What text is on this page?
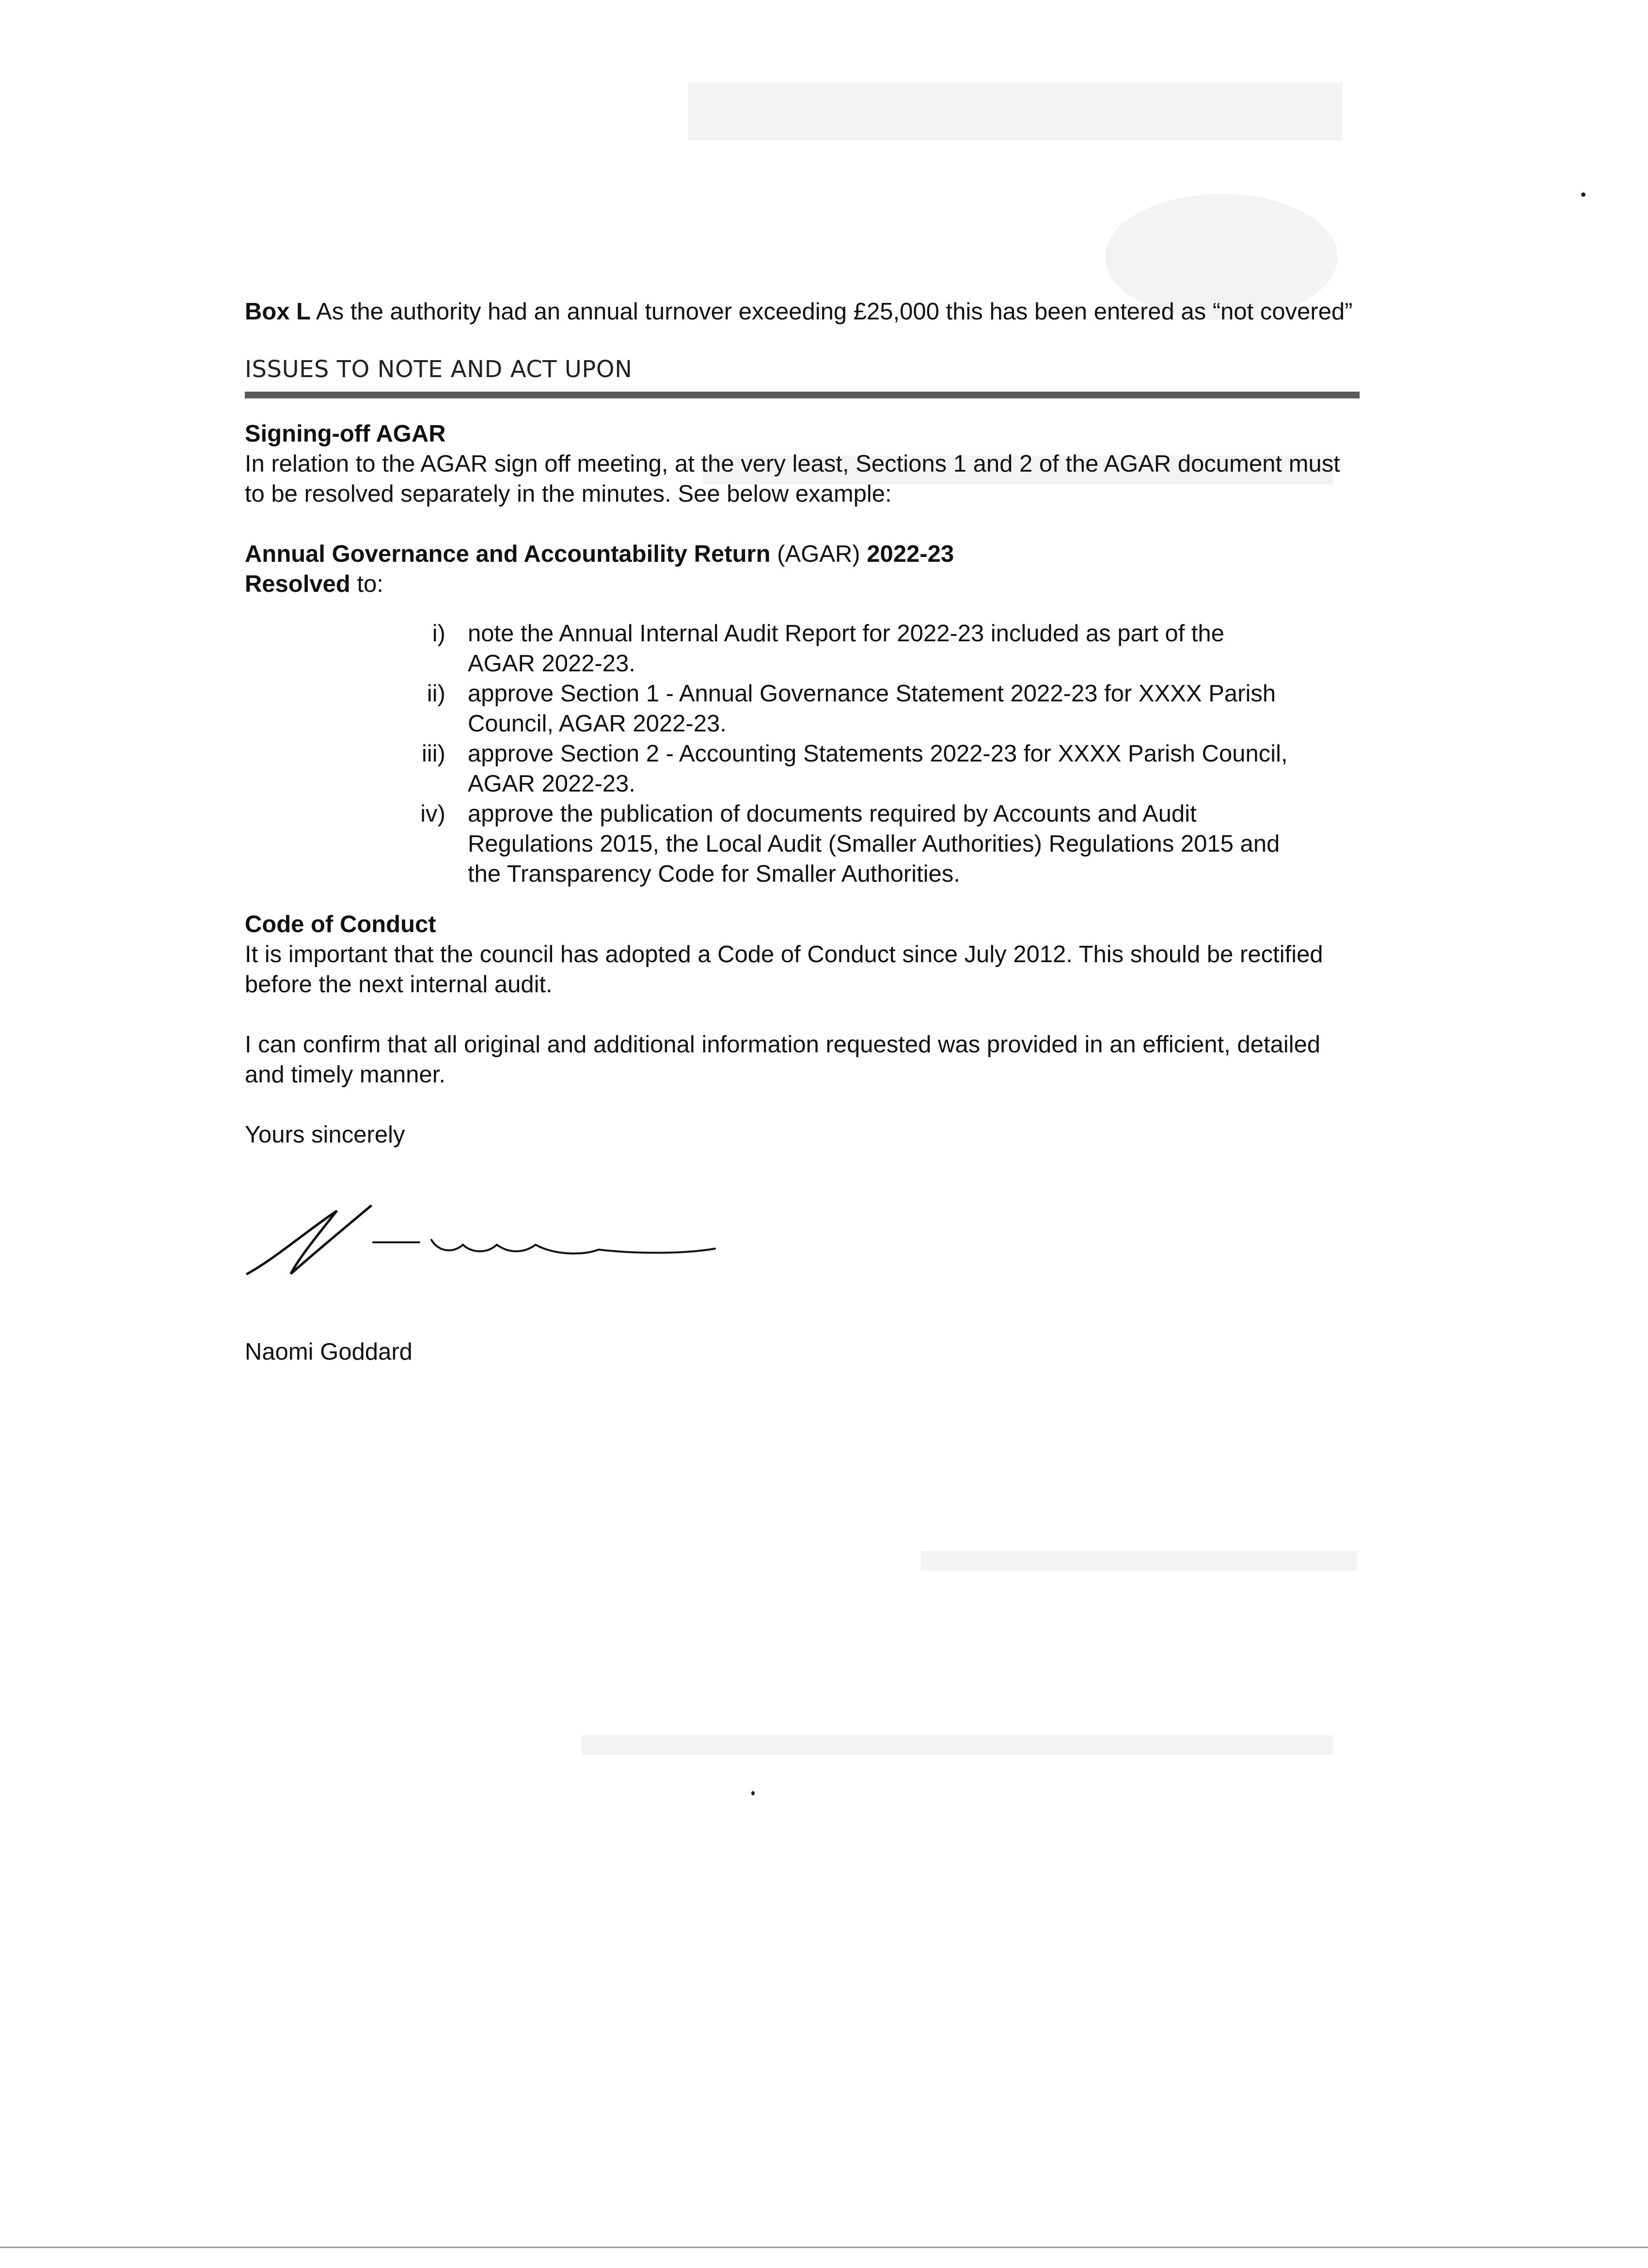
Box L As the authority had an annual turnover exceeding £25,000 this has been entered as “not covered”

ISSUES TO NOTE AND ACT UPON
Signing-off AGAR

In relation to the AGAR sign off meeting, at the very least, Sections 1 and 2 of the AGAR document must to be resolved separately in the minutes. See below example:

Annual Governance and Accountability Return (AGAR) 2022-23

Resolved to:

i) note the Annual Internal Audit Report for 2022-23 included as part of the AGAR 2022-23.
ii) approve Section 1 - Annual Governance Statement 2022-23 for XXXX Parish Council, AGAR 2022-23.
iii) approve Section 2 - Accounting Statements 2022-23 for XXXX Parish Council, AGAR 2022-23.
iv) approve the publication of documents required by Accounts and Audit Regulations 2015, the Local Audit (Smaller Authorities) Regulations 2015 and the Transparency Code for Smaller Authorities.
Code of Conduct

It is important that the council has adopted a Code of Conduct since July 2012. This should be rectified before the next internal audit.

I can confirm that all original and additional information requested was provided in an efficient, detailed and timely manner.

Yours sincerely

Naomi Goddard
